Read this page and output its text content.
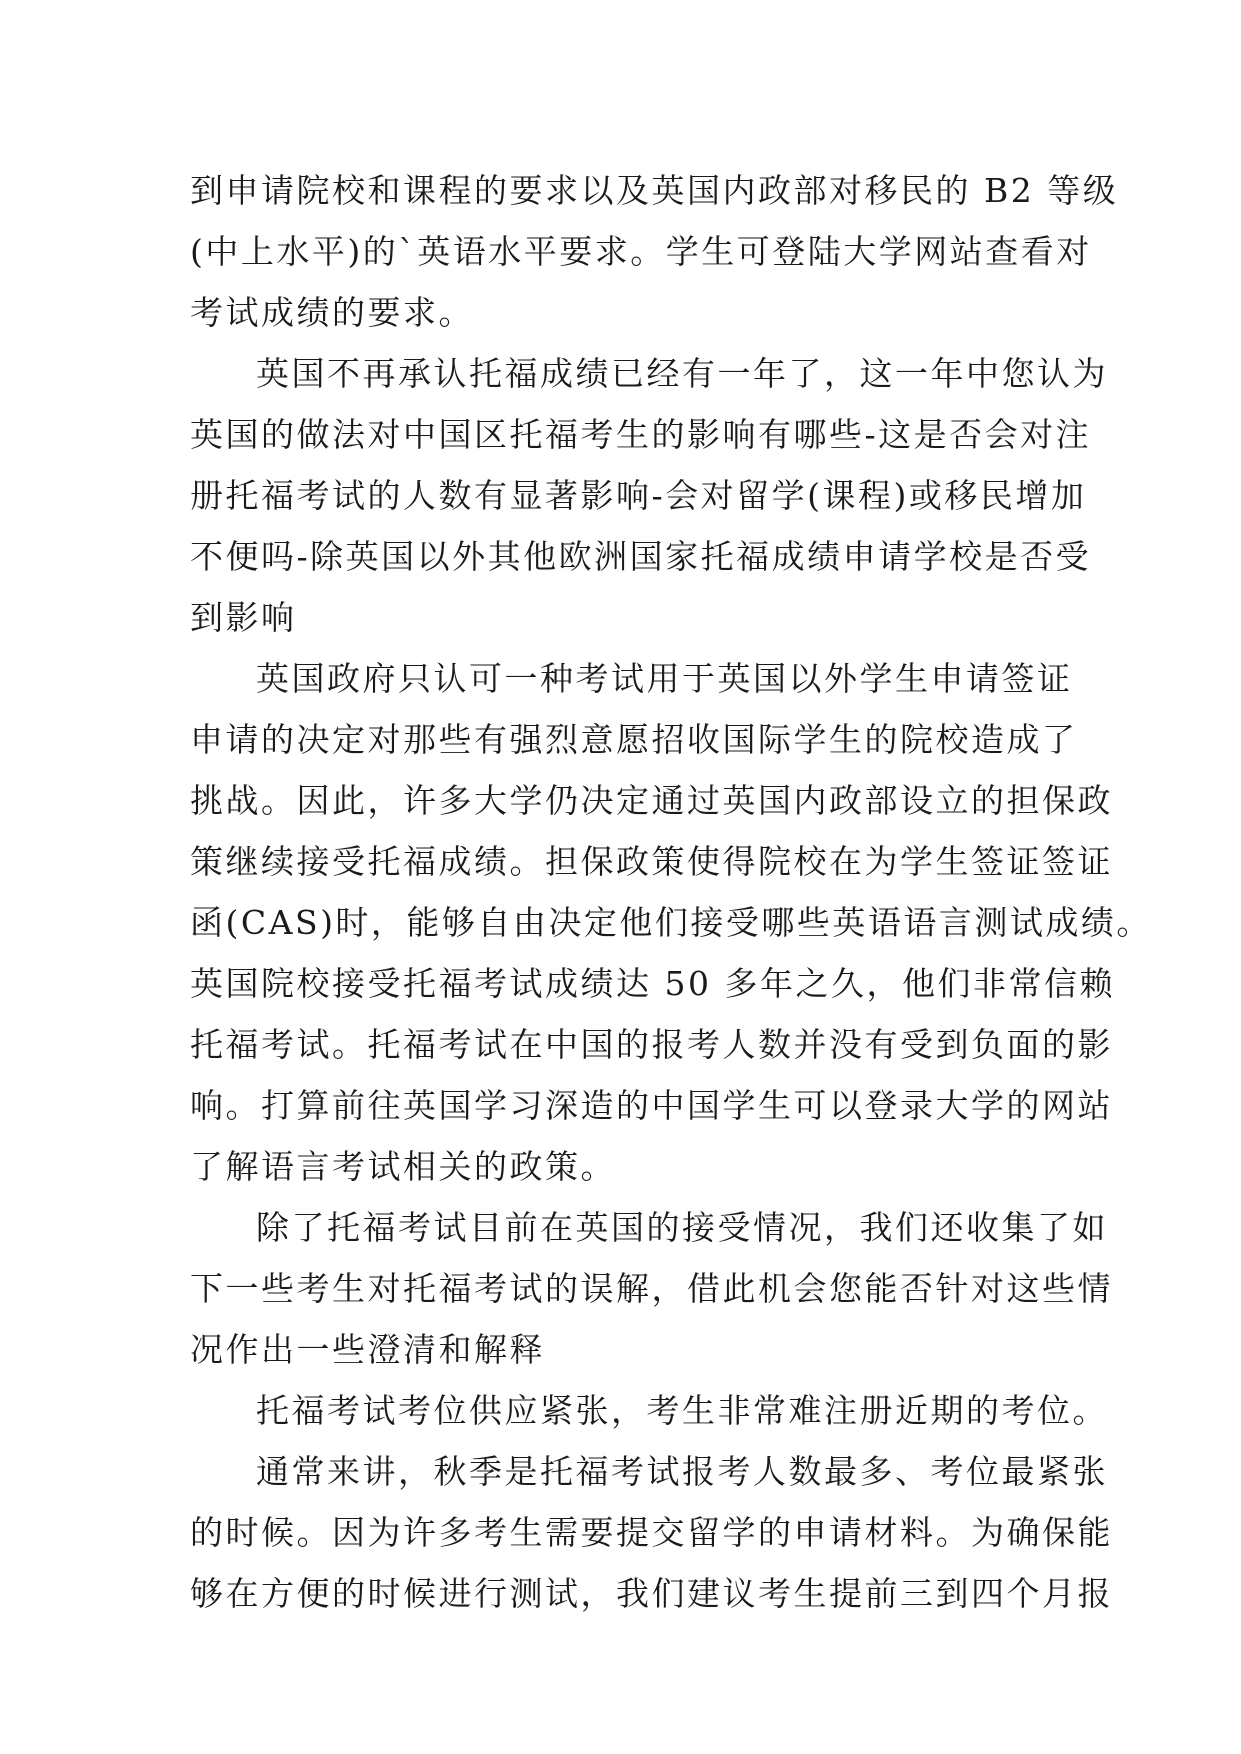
到申请院校和课程的要求以及英国内政部对移民的 B2 等级
(中上水平)的`英语水平要求。学生可登陆大学网站查看对
考试成绩的要求。
英国不再承认托福成绩已经有一年了，这一年中您认为
英国的做法对中国区托福考生的影响有哪些-这是否会对注
册托福考试的人数有显著影响-会对留学(课程)或移民增加
不便吗-除英国以外其他欧洲国家托福成绩申请学校是否受
到影响
英国政府只认可一种考试用于英国以外学生申请签证
申请的决定对那些有强烈意愿招收国际学生的院校造成了
挑战。因此，许多大学仍决定通过英国内政部设立的担保政
策继续接受托福成绩。担保政策使得院校在为学生签证签证
函(CAS)时，能够自由决定他们接受哪些英语语言测试成绩。
英国院校接受托福考试成绩达 50 多年之久，他们非常信赖
托福考试。托福考试在中国的报考人数并没有受到负面的影
响。打算前往英国学习深造的中国学生可以登录大学的网站
了解语言考试相关的政策。
除了托福考试目前在英国的接受情况，我们还收集了如
下一些考生对托福考试的误解，借此机会您能否针对这些情
况作出一些澄清和解释
托福考试考位供应紧张，考生非常难注册近期的考位。
通常来讲，秋季是托福考试报考人数最多、考位最紧张
的时候。因为许多考生需要提交留学的申请材料。为确保能
够在方便的时候进行测试，我们建议考生提前三到四个月报
